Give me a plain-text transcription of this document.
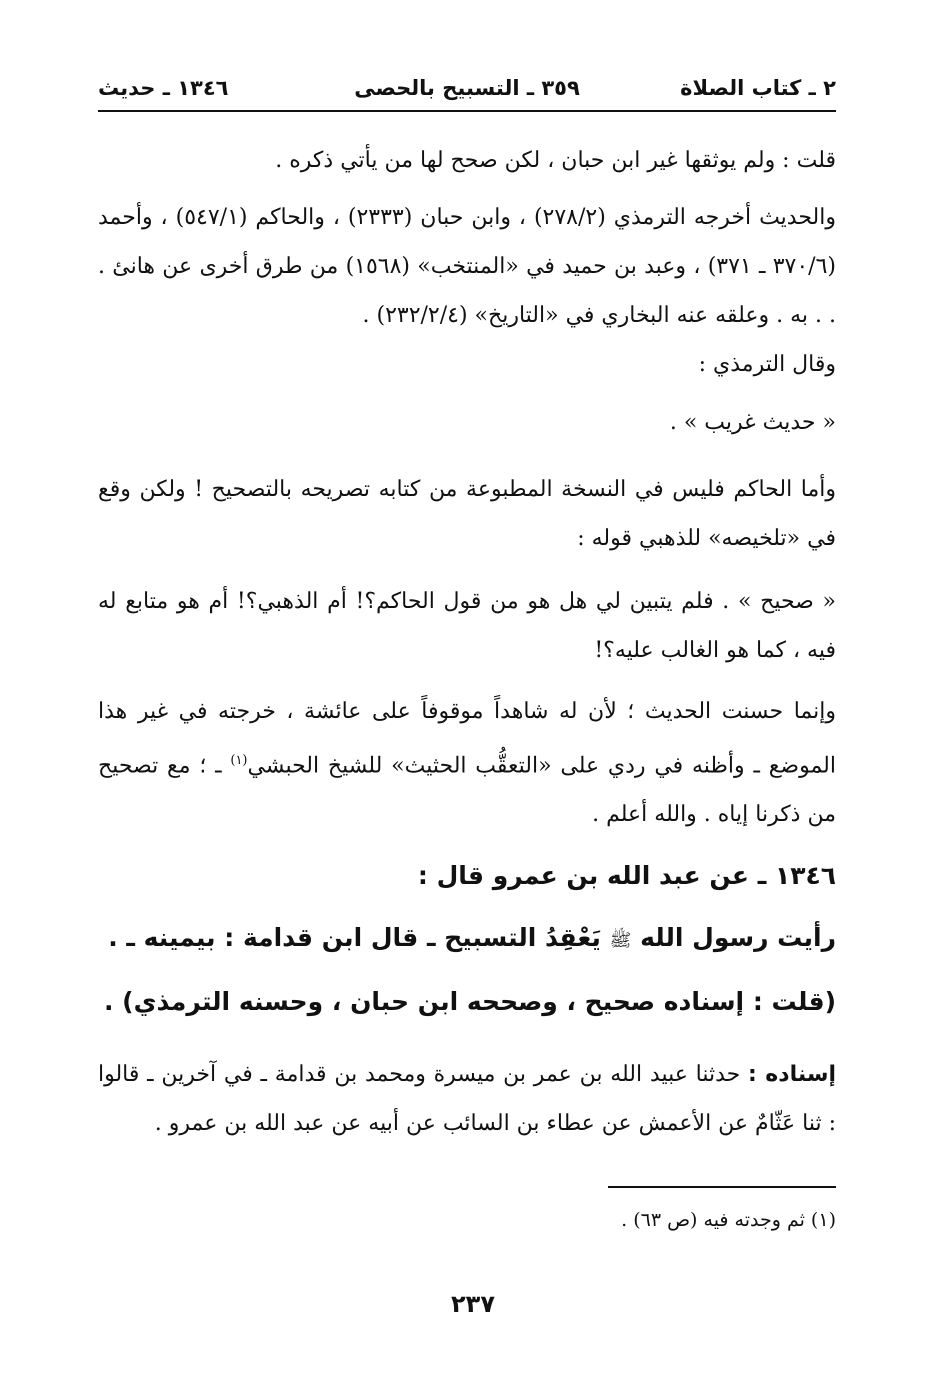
٢ ـ كتاب الصلاة
٣٥٩ ـ التسبيح بالحصى
١٣٤٦ ـ حديث

قلت : ولم يوثقها غير ابن حبان ، لكن صحح لها من يأتي ذكره .

والحديث أخرجه الترمذي (٢٧٨/٢) ، وابن حبان (٢٣٣٣) ، والحاكم (٥٤٧/١) ، وأحمد (٣٧٠/٦ ـ ٣٧١) ، وعبد بن حميد في «المنتخب» (١٥٦٨) من طرق أخرى عن هانئ . . . به . وعلقه عنه البخاري في «التاريخ» (٢٣٢/٢/٤) .
وقال الترمذي :

« حديث غريب » .

وأما الحاكم فليس في النسخة المطبوعة من كتابه تصريحه بالتصحيح ! ولكن وقع في «تلخيصه» للذهبي قوله :

« صحيح » . فلم يتبين لي هل هو من قول الحاكم؟! أم الذهبي؟! أم هو متابع له فيه ، كما هو الغالب عليه؟!

وإنما حسنت الحديث ؛ لأن له شاهداً موقوفاً على عائشة ، خرجته في غير هذا الموضع ـ وأظنه في ردي على «التعقُّب الحثيث» للشيخ الحبشي$^{(١)}$ ـ ؛ مع تصحيح من ذكرنا إياه . والله أعلم .

١٣٤٦ ـ عن عبد الله بن عمرو قال :

رأيت رسول الله ﷺ يَعْقِدُ التسبيح ـ قال ابن قدامة : بيمينه ـ .

(قلت : إسناده صحيح ، وصححه ابن حبان ، وحسنه الترمذي) .

إسناده : حدثنا عبيد الله بن عمر بن ميسرة ومحمد بن قدامة ـ في آخرين ـ قالوا : ثنا عَثّامٌ عن الأعمش عن عطاء بن السائب عن أبيه عن عبد الله بن عمرو .

(١) ثم وجدته فيه (ص ٦٣) .

٢٣٧
